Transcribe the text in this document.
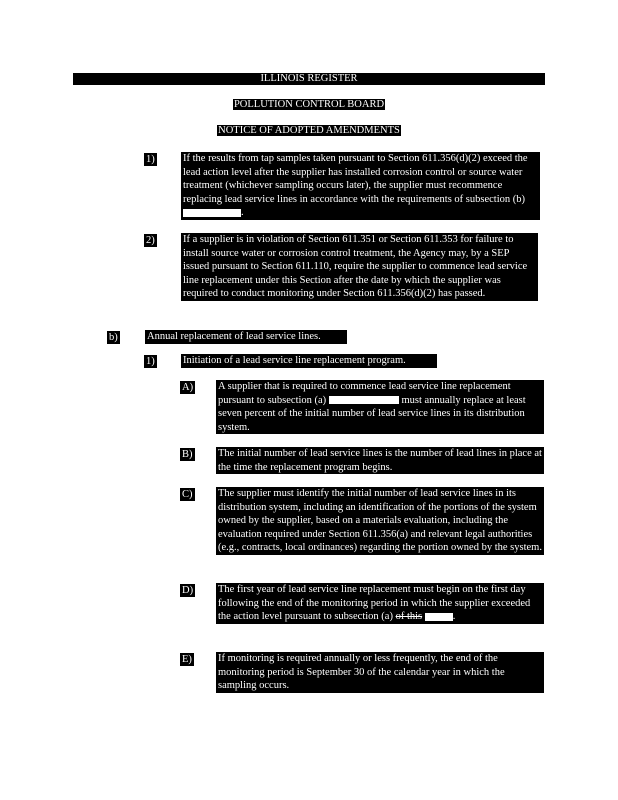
ILLINOIS REGISTER
POLLUTION CONTROL BOARD
NOTICE OF ADOPTED AMENDMENTS
1)	If the results from tap samples taken pursuant to Section 611.356(d)(2) exceed the lead action level after the supplier has installed corrosion control or source water treatment (whichever sampling occurs later), the supplier must recommence replacing lead service lines in accordance with the requirements of subsection (b) .
2)	If a supplier is in violation of Section 611.351 or Section 611.353 for failure to install source water or corrosion control treatment, the Agency may, by a SEP issued pursuant to Section 611.110, require the supplier to commence lead service line replacement under this Section after the date by which the supplier was required to conduct monitoring under Section 611.356(d)(2) has passed.
b)	Annual replacement of lead service lines.
1)	Initiation of a lead service line replacement program.
A) A supplier that is required to commence lead service line replacement pursuant to subsection (a)	must annually replace at least seven percent of the initial number of lead service lines in its distribution system.
B) The initial number of lead service lines is the number of lead lines in place at the time the replacement program begins.
C) The supplier must identify the initial number of lead service lines in its distribution system, including an identification of the portions of the system owned by the supplier, based on a materials evaluation, including the evaluation required under Section 611.356(a) and relevant legal authorities (e.g., contracts, local ordinances) regarding the portion owned by the system.
D) The first year of lead service line replacement must begin on the first day following the end of the monitoring period in which the supplier exceeded the action level pursuant to subsection (a) of this	.
E) If monitoring is required annually or less frequently, the end of the monitoring period is September 30 of the calendar year in which the sampling occurs.
